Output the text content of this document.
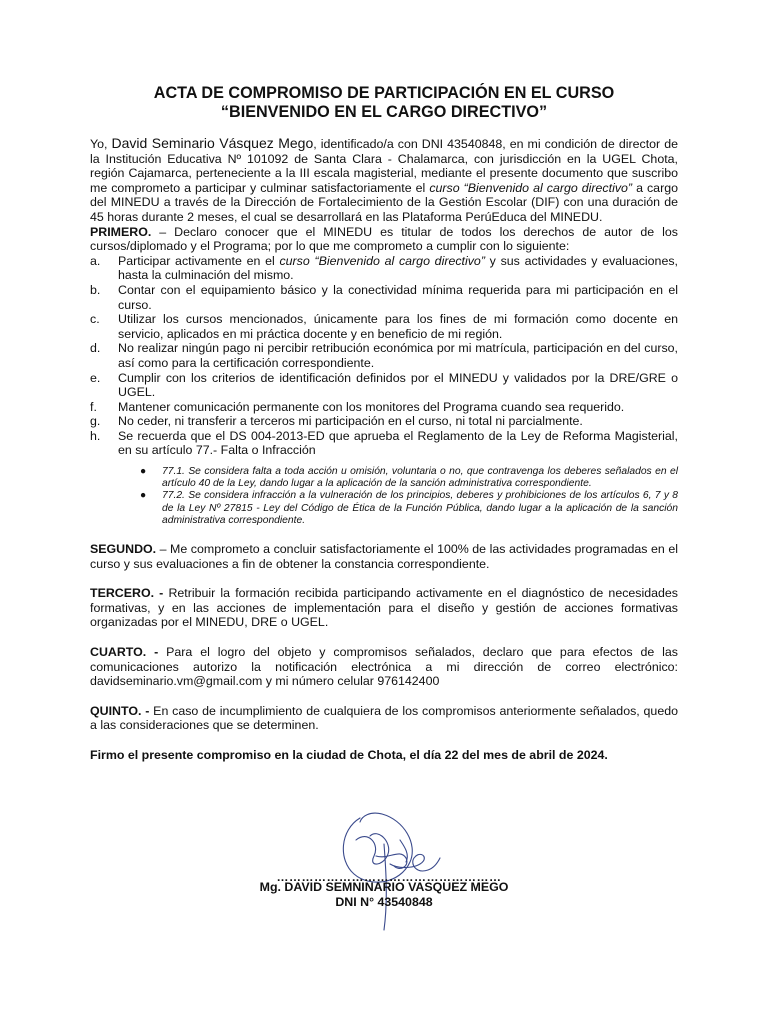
ACTA DE COMPROMISO DE PARTICIPACIÓN EN EL CURSO
“BIENVENIDO EN EL CARGO DIRECTIVO”

Yo, David Seminario Vásquez Mego, identificado/a con DNI 43540848, en mi condición de director de la Institución Educativa Nº 101092 de Santa Clara - Chalamarca, con jurisdicción en la UGEL Chota, región Cajamarca, perteneciente a la III escala magisterial, mediante el presente documento que suscribo me comprometo a participar y culminar satisfactoriamente el curso “Bienvenido al cargo directivo” a cargo del MINEDU a través de la Dirección de Fortalecimiento de la Gestión Escolar (DIF) con una duración de 45 horas durante 2 meses, el cual se desarrollará en las Plataforma PerúEduca del MINEDU.

PRIMERO. – Declaro conocer que el MINEDU es titular de todos los derechos de autor de los cursos/diplomado y el Programa; por lo que me comprometo a cumplir con lo siguiente:

a. Participar activamente en el curso “Bienvenido al cargo directivo” y sus actividades y evaluaciones, hasta la culminación del mismo.
b. Contar con el equipamiento básico y la conectividad mínima requerida para mi participación en el curso.
c. Utilizar los cursos mencionados, únicamente para los fines de mi formación como docente en servicio, aplicados en mi práctica docente y en beneficio de mi región.
d. No realizar ningún pago ni percibir retribución económica por mi matrícula, participación en del curso, así como para la certificación correspondiente.
e. Cumplir con los criterios de identificación definidos por el MINEDU y validados por la DRE/GRE o UGEL.
f. Mantener comunicación permanente con los monitores del Programa cuando sea requerido.
g. No ceder, ni transferir a terceros mi participación en el curso, ni total ni parcialmente.
h. Se recuerda que el DS 004-2013-ED que aprueba el Reglamento de la Ley de Reforma Magisterial, en su artículo 77.- Falta o Infracción
● 77.1. Se considera falta a toda acción u omisión, voluntaria o no, que contravenga los deberes señalados en el artículo 40 de la Ley, dando lugar a la aplicación de la sanción administrativa correspondiente.
● 77.2. Se considera infracción a la vulneración de los principios, deberes y prohibiciones de los artículos 6, 7 y 8 de la Ley Nº 27815 - Ley del Código de Ética de la Función Pública, dando lugar a la aplicación de la sanción administrativa correspondiente.

SEGUNDO. – Me comprometo a concluir satisfactoriamente el 100% de las actividades programadas en el curso y sus evaluaciones a fin de obtener la constancia correspondiente.

TERCERO. - Retribuir la formación recibida participando activamente en el diagnóstico de necesidades formativas, y en las acciones de implementación para el diseño y gestión de acciones formativas organizadas por el MINEDU, DRE o UGEL.

CUARTO. - Para el logro del objeto y compromisos señalados, declaro que para efectos de las comunicaciones autorizo la notificación electrónica a mi dirección de correo electrónico: davidseminario.vm@gmail.com y mi número celular 976142400

QUINTO. - En caso de incumplimiento de cualquiera de los compromisos anteriormente señalados, quedo a las consideraciones que se determinen.

Firmo el presente compromiso en la ciudad de Chota, el día 22 del mes de abril de 2024.

………………………………………………
Mg. DAVID SEMNINARIO VASQUEZ MEGO
DNI N° 43540848
